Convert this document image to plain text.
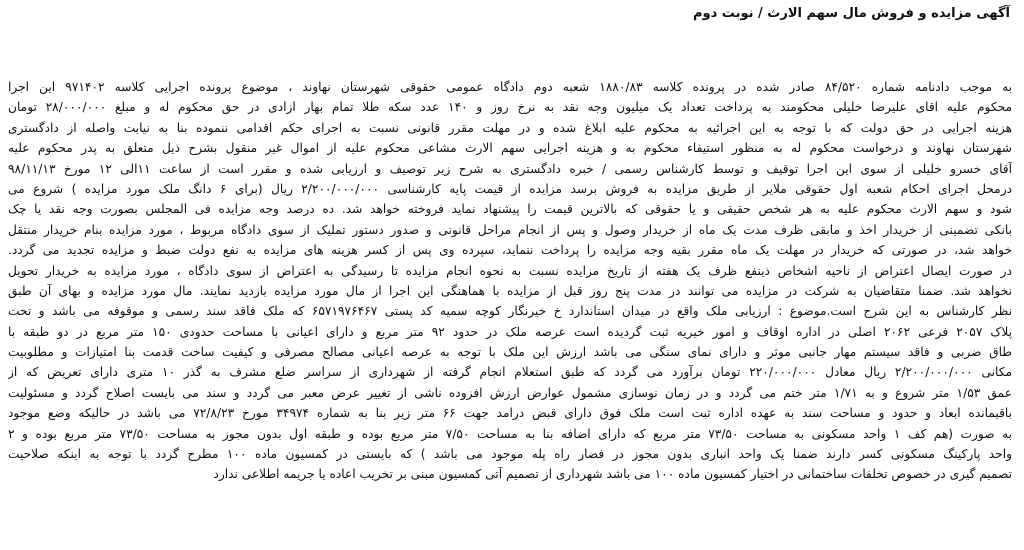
آگهی مزایده و فروش مال سهم الارث / نوبت دوم
به موجب دادنامه شماره ۸۴/۵۲۰ صادر شده در پرونده کلاسه ۱۸۸۰/۸۳ شعبه دوم دادگاه عمومی حقوقی شهرستان نهاوند ، موضوع پرونده اجرایی کلاسه ۹۷۱۴۰۲ این اجرا
محکوم علیه اقای علیرضا خلیلی محکومند به پرداخت تعداد یک میلیون وجه نقد به نرخ روز و ۱۴۰ عدد سکه طلا تمام بهار ازادی در حق محکوم له و مبلغ ۲۸/۰۰۰/۰۰۰ تومان
هزینه اجرایی در حق دولت که با توجه به این اجرائیه به محکوم علیه ابلاغ شده و در مهلت مقرر قانونی نسبت به اجرای حکم اقدامی ننموده بنا به نیابت واصله از دادگستری
شهرستان نهاوند و درخواست محکوم له به منظور استیفاء محکوم به و هزینه اجرایی سهم الارث مشاعی محکوم علیه از اموال غیر منقول بشرح ذیل متعلق به پدر محکوم علیه
آقای خسرو خلیلی از سوی این اجرا توقیف و توسط کارشناس رسمی / خبره دادگستری به شرح زیر توصیف و ارزیابی شده و مقرر است از ساعت ۱۱الی ۱۲ مورخ ۹۸/۱۱/۱۳
درمحل اجرای احکام شعبه اول حقوقی ملایر از طریق مزایده به فروش برسد مزایده از قیمت پایه کارشناسی ۲/۲۰۰/۰۰۰/۰۰۰ ریال (برای ۶ دانگ ملک مورد مزایده ) شروع می
شود و سهم الارث محکوم علیه به هر شخص حقیقی و یا حقوقی که بالاترین قیمت را پیشنهاد نماید فروخته خواهد شد. ده درصد وجه مزایده فی المجلس بصورت وجه نقد یا چک
بانکی تضمینی از خریدار اخذ و مابقی ظرف مدت یک ماه از خریدار وصول و پس از انجام مراحل قانونی و صدور دستور تملیک از سوی دادگاه مربوط ، مورد مزایده بنام خریدار منتقل
خواهد شد، در صورتی که خریدار در مهلت یک ماه مقرر بقیه وجه مزایده را پرداخت ننماید، سپرده وی پس از کسر هزینه های مزایده به نفع دولت ضبط و مزایده تجدید می گردد.
در صورت ایصال اعتراض از ناحیه اشخاص ذینفع ظرف یک هفته از تاریخ مزایده نسبت به نحوه انجام مزایده تا رسیدگی به اعتراض از سوی دادگاه ، مورد مزایده به خریدار تحویل
نخواهد شد. ضمنا متقاضیان به شرکت در مزایده می توانند در مدت پنج روز قبل از مزایده با هماهنگی این اجرا از مال مورد مزایده بازدید نمایند. مال مورد مزایده و بهای آن طبق
نظر کارشناس به این شرح است.موضوع : ارزیابی ملک واقع در میدان استاندارد خ خیرنگار کوچه سمیه کد پستی ۶۵۷۱۹۷۶۴۶۷ که ملک فاقد سند رسمی و موقوفه می باشد و تحت
پلاک ۲۰۵۷ فرعی ۲۰۶۲ اصلی در اداره اوقاف و امور خیریه ثبت گردیده است عرصه ملک در حدود ۹۲ متر مربع و دارای اعیانی با مساحت حدودی ۱۵۰ متر مربع در دو طبقه با
طاق ضربی و فاقد سیستم مهار جانبی موثر و دارای نمای سنگی می باشد ارزش این ملک با توجه به عرصه اعیانی مصالح مصرفی و کیفیت ساخت قدمت بنا امتیازات و مطلوبیت
مکانی ۲/۲۰۰/۰۰۰/۰۰۰ ریال معادل ۲۲۰/۰۰۰/۰۰۰ تومان برآورد می گردد که طبق استعلام انجام گرفته از شهرداری از سراسر ضلع مشرف به گذر ۱۰ متری دارای تعریض که از
عمق ۱/۵۳ متر شروع و به ۱/۷۱ متر ختم می گردد و در زمان نوسازی مشمول عوارض ارزش افزوده ناشی از تغییر عرض معبر می گردد و سند می بایست اصلاح گردد و مسئولیت
باقیمانده ابعاد و حدود و مساحت سند به عهده اداره ثبت است ملک فوق دارای قبض درامد جهت ۶۶ متر زیر بنا به شماره ۳۴۹۷۴ مورخ ۷۲/۸/۲۳ می باشد در حالیکه وضع موجود
به صورت (هم کف ۱ واحد مسکونی به مساحت ۷۳/۵۰ متر مربع که دارای اضافه بنا به مساحت ۷/۵۰ متر مربع بوده و طبقه اول بدون مجوز به مساحت ۷۳/۵۰ متر مربع بوده و ۲
واحد پارکینگ مسکونی کسر دارند ضمنا یک واحد انباری بدون مجوز در فضار راه پله موجود می باشد ) که بایستی در کمسیون ماده ۱۰۰ مطرح گردد با توجه به اینکه صلاحیت
تصمیم گیری در خصوص تخلفات ساختمانی در اختیار کمسیون ماده ۱۰۰ می باشد شهرداری از تصمیم آتی کمسیون مبنی بر تخریب اعاده یا جریمه اطلاعی ندارد
